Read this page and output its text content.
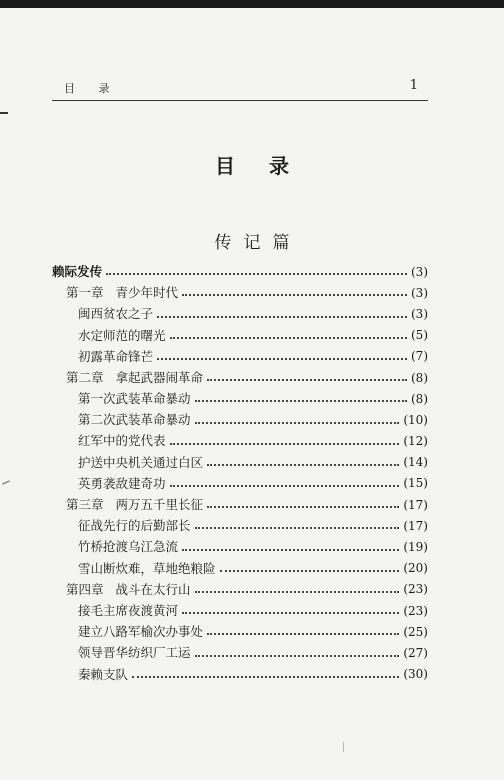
目 录	1
目录
传记篇
赖际发传	(3)
第一章 青少年时代	(3)
闽西贫农之子	(3)
水定师范的曙光	(5)
初露革命锋芒	(7)
第二章 拿起武器闹革命	(8)
第一次武装革命暴动	(8)
第二次武装革命暴动	(10)
红军中的党代表	(12)
护送中央机关通过白区	(14)
英勇袭敌建奇功	(15)
第三章 两万五千里长征	(17)
征战先行的后勤部长	(17)
竹桥抢渡乌江急流	(19)
雪山断炊难，草地绝粮险	(20)
第四章 战斗在太行山	(23)
接毛主席夜渡黄河	(23)
建立八路军榆次办事处	(25)
领导晋华纺织厂工运	(27)
秦赖支队	(30)
